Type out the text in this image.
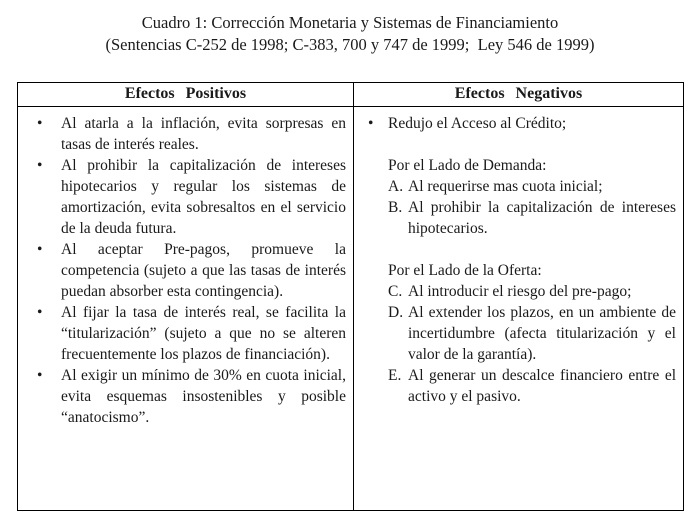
Cuadro 1: Corrección Monetaria y Sistemas de Financiamiento
(Sentencias C-252 de 1998; C-383, 700 y 747 de 1999;  Ley 546 de 1999)
Efectos Positivos	Efectos Negativos
• Al atarla a la inflación, evita sorpresas en tasas de interés reales.
• Al prohibir la capitalización de intereses hipotecarios y regular los sistemas de amortización, evita sobresaltos en el servicio de la deuda futura.
• Al aceptar Pre-pagos, promueve la competencia (sujeto a que las tasas de interés puedan absorber esta contingencia).
• Al fijar la tasa de interés real, se facilita la “titularización” (sujeto a que no se alteren frecuentemente los plazos de financiación).
• Al exigir un mínimo de 30% en cuota inicial, evita esquemas insostenibles y posible “anatocismo”.
• Redujo el Acceso al Crédito;
Por el Lado de Demanda:
A. Al requerirse mas cuota inicial;
B. Al prohibir la capitalización de intereses hipotecarios.
Por el Lado de la Oferta:
C. Al introducir el riesgo del pre-pago;
D. Al extender los plazos, en un ambiente de incertidumbre (afecta titularización y el valor de la garantía).
E. Al generar un descalce financiero entre el activo y el pasivo.
